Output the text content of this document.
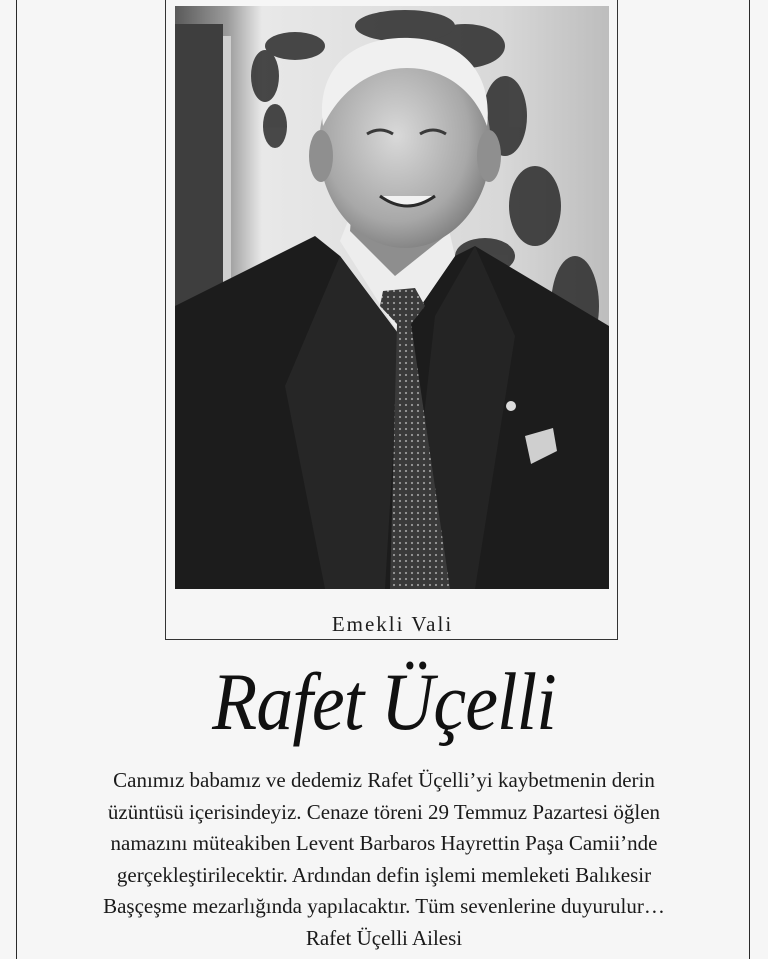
Emekli Vali
Rafet Üçelli
Canımız babamız ve dedemiz Rafet Üçelli’yi kaybetmenin derin
üzüntüsü içerisindeyiz. Cenaze töreni 29 Temmuz Pazartesi öğlen
namazını müteakiben Levent Barbaros Hayrettin Paşa Camii’nde
gerçekleştirilecektir. Ardından defin işlemi memleketi Balıkesir
Başçeşme mezarlığında yapılacaktır. Tüm sevenlerine duyurulur…
Rafet Üçelli Ailesi
